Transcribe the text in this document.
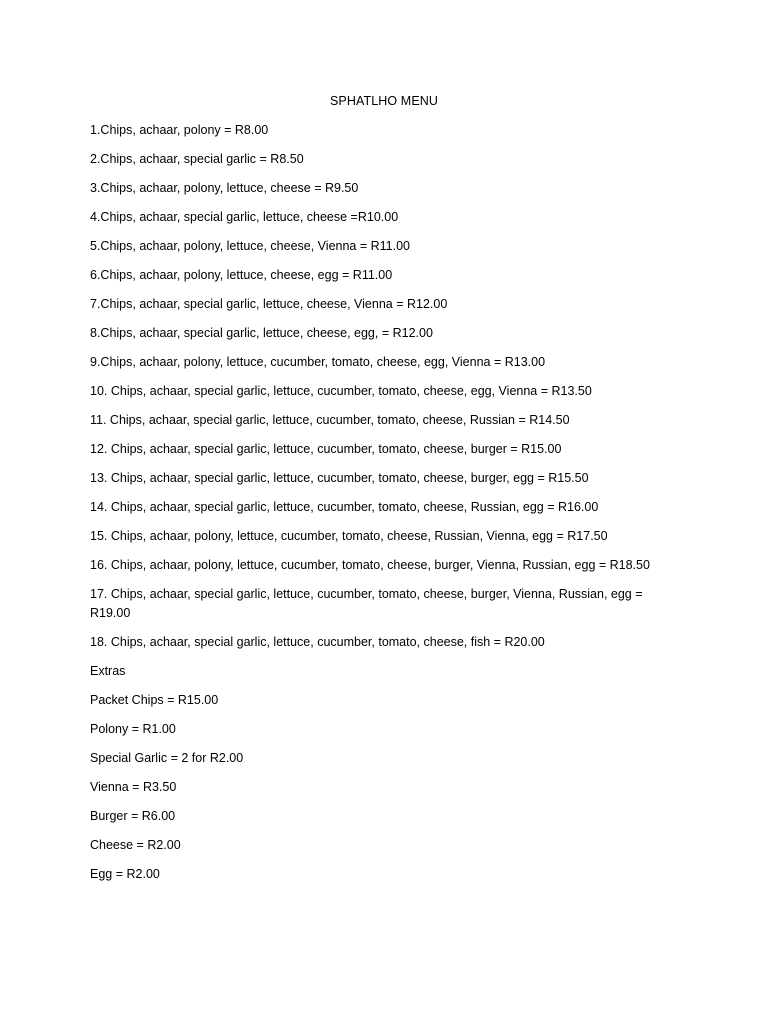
SPHATLHO MENU
1.Chips, achaar, polony = R8.00
2.Chips, achaar, special garlic = R8.50
3.Chips, achaar, polony, lettuce, cheese = R9.50
4.Chips, achaar, special garlic, lettuce, cheese =R10.00
5.Chips, achaar, polony, lettuce, cheese, Vienna = R11.00
6.Chips, achaar, polony, lettuce, cheese, egg = R11.00
7.Chips, achaar, special garlic, lettuce, cheese, Vienna = R12.00
8.Chips, achaar, special garlic, lettuce, cheese, egg, = R12.00
9.Chips, achaar, polony, lettuce, cucumber, tomato, cheese, egg, Vienna = R13.00
10. Chips, achaar, special garlic, lettuce, cucumber, tomato, cheese, egg, Vienna = R13.50
11. Chips, achaar, special garlic, lettuce, cucumber, tomato, cheese, Russian = R14.50
12. Chips, achaar, special garlic, lettuce, cucumber, tomato, cheese, burger = R15.00
13. Chips, achaar, special garlic, lettuce, cucumber, tomato, cheese, burger, egg = R15.50
14. Chips, achaar, special garlic, lettuce, cucumber, tomato, cheese, Russian, egg = R16.00
15. Chips, achaar, polony, lettuce, cucumber, tomato, cheese, Russian, Vienna, egg = R17.50
16. Chips, achaar, polony, lettuce, cucumber, tomato, cheese, burger, Vienna, Russian, egg = R18.50
17. Chips, achaar, special garlic, lettuce, cucumber, tomato, cheese, burger, Vienna, Russian, egg = R19.00
18. Chips, achaar, special garlic, lettuce, cucumber, tomato, cheese, fish = R20.00
Extras
Packet Chips = R15.00
Polony = R1.00
Special Garlic = 2 for R2.00
Vienna = R3.50
Burger = R6.00
Cheese = R2.00
Egg = R2.00
